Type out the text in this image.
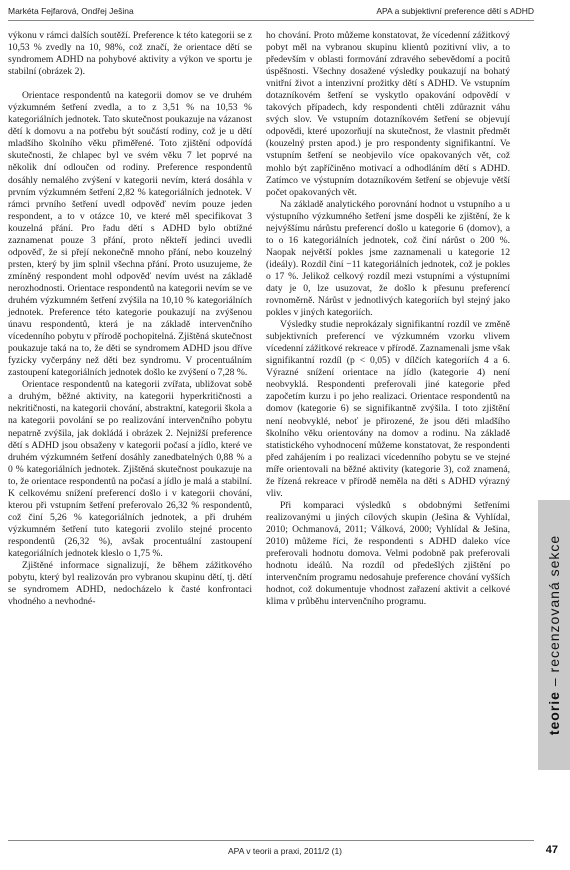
Markéta Fejfarová, Ondřej Ješina	APA a subjektivní preference dětí s ADHD

výkonu v rámci dalších soutěží. Preference k této kategorii se z 10,53 % zvedly na 10, 98%, což značí, že orientace dětí se syndromem ADHD na pohybové aktivity a výkon ve sportu je stabilní (obrázek 2).

Orientace respondentů na kategorii domov se ve druhém výzkumném šetření zvedla, a to z 3,51 % na 10,53 % kategoriálních jednotek. Tato skutečnost poukazuje na vázanost dětí k domovu a na potřebu být součástí rodiny, což je u dětí mladšího školního věku přiměřené. Toto zjištění odpovídá skutečnosti, že chlapec byl ve svém věku 7 let poprvé na několik dní odloučen od rodiny. Preference respondentů dosáhly nemalého zvýšení v kategorii nevím, která dosáhla v prvním výzkumném šetření 2,82 % kategoriálních jednotek. V rámci prvního šetření uvedl odpověď nevím pouze jeden respondent, a to v otázce 10, ve které měl specifikovat 3 kouzelná přání. Pro řadu dětí s ADHD bylo obtížné zaznamenat pouze 3 přání, proto někteří jedinci uvedli odpověď, že si přejí nekonečně mnoho přání, nebo kouzelný prsten, který by jim splnil všechna přání. Proto usuzujeme, že zmíněný respondent mohl odpověď nevím uvést na základě nerozhodnosti. Orientace respondentů na kategorii nevím se ve druhém výzkumném šetření zvýšila na 10,10 % kategoriálních jednotek. Preference této kategorie poukazují na zvýšenou únavu respondentů, která je na základě intervenčního vícedenního pobytu v přírodě pochopitelná. Zjištěná skutečnost poukazuje taká na to, že děti se syndromem ADHD jsou dříve fyzicky vyčerpány než děti bez syndromu. V procentuálním zastoupení kategoriálních jednotek došlo ke zvýšení o 7,28 %.

Orientace respondentů na kategorii zvířata, ubližovat sobě a druhým, běžné aktivity, na kategorii hyperkritičnosti a nekritičnosti, na kategorii chování, abstraktní, kategorii škola a na kategorii povolání se po realizování intervenčního pobytu nepatrně zvýšila, jak dokládá i obrázek 2. Nejnižší preference dětí s ADHD jsou obsaženy v kategorii počasí a jídlo, které ve druhém výzkumném šetření dosáhly zanedbatelných 0,88 % a 0 % kategoriálních jednotek. Zjištěná skutečnost poukazuje na to, že orientace respondentů na počasí a jídlo je malá a stabilní. K celkovému snížení preferencí došlo i v kategorii chování, kterou při vstupním šetření preferovalo 26,32 % respondentů, což činí 5,26 % kategoriálních jednotek, a při druhém výzkumném šetření tuto kategorii zvolilo stejné procento respondentů (26,32 %), avšak procentuální zastoupení kategoriálních jednotek kleslo o 1,75 %.

Zjištěné informace signalizují, že během zážitkového pobytu, který byl realizován pro vybranou skupinu dětí, tj. dětí se syndromem ADHD, nedocházelo k časté konfrontaci vhodného a nevhodné-

ho chování. Proto můžeme konstatovat, že vícedenní zážitkový pobyt měl na vybranou skupinu klientů pozitivní vliv, a to především v oblasti formování zdravého sebevědomí a pocitů úspěšnosti. Všechny dosažené výsledky poukazují na bohatý vnitřní život a intenzivní prožitky dětí s ADHD. Ve vstupním dotazníkovém šetření se vyskytlo opakování odpovědí v takových případech, kdy respondenti chtěli zdůraznit váhu svých slov. Ve vstupním dotazníkovém šetření se objevují odpovědi, které upozorňují na skutečnost, že vlastnit předmět (kouzelný prsten apod.) je pro respondenty signifikantní. Ve vstupním šetření se neobjevilo více opakovaných vět, což mohlo být zapříčiněno motivací a odhodláním dětí s ADHD. Zatímco ve výstupním dotazníkovém šetření se objevuje větší počet opakovaných vět.

Na základě analytického porovnání hodnot u vstupního a u výstupního výzkumného šetření jsme dospěli ke zjištění, že k nejvýššímu nárůstu preferencí došlo u kategorie 6 (domov), a to o 16 kategoriálních jednotek, což činí nárůst o 200 %. Naopak největší pokles jsme zaznamenali u kategorie 12 (ideály). Rozdíl činí −11 kategoriálních jednotek, což je pokles o 17 %. Jelikož celkový rozdíl mezi vstupními a výstupními daty je 0, lze usuzovat, že došlo k přesunu preferencí rovnoměrně. Nárůst v jednotlivých kategoriích byl stejný jako pokles v jiných kategoriích.

Výsledky studie neprokázaly signifikantní rozdíl ve změně subjektivních preferencí ve výzkumném vzorku vlivem vícedenní zážitkové rekreace v přírodě. Zaznamenali jsme však signifikantní rozdíl (p < 0,05) v dílčích kategoriích 4 a 6. Výrazné snížení orientace na jídlo (kategorie 4) není neobvyklá. Respondenti preferovali jiné kategorie před započetím kurzu i po jeho realizaci. Orientace respondentů na domov (kategorie 6) se signifikantně zvýšila. I toto zjištění není neobvyklé, neboť je přirozené, že jsou děti mladšího školního věku orientovány na domov a rodinu. Na základě statistického vyhodnocení můžeme konstatovat, že respondenti před zahájením i po realizaci vícedenního pobytu se ve stejné míře orientovali na běžné aktivity (kategorie 3), což znamená, že řízená rekreace v přírodě neměla na děti s ADHD výrazný vliv.

Při komparaci výsledků s obdobnými šetřeními realizovanými u jiných cílových skupin (Ješina & Vyhlídal, 2010; Ochmanová, 2011; Válková, 2000; Vyhlídal & Ješina, 2010) můžeme říci, že respondenti s ADHD daleko více preferovali hodnotu domova. Velmi podobně pak preferovali hodnotu ideálů. Na rozdíl od předešlých zjištění po intervenčním programu nedosahuje preference chování vyšších hodnot, což dokumentuje vhodnost zařazení aktivit a celkové klima v průběhu intervenčního programu.

teorie – recenzovaná sekce
APA v teorii a praxi, 2011/2 (1)	47
